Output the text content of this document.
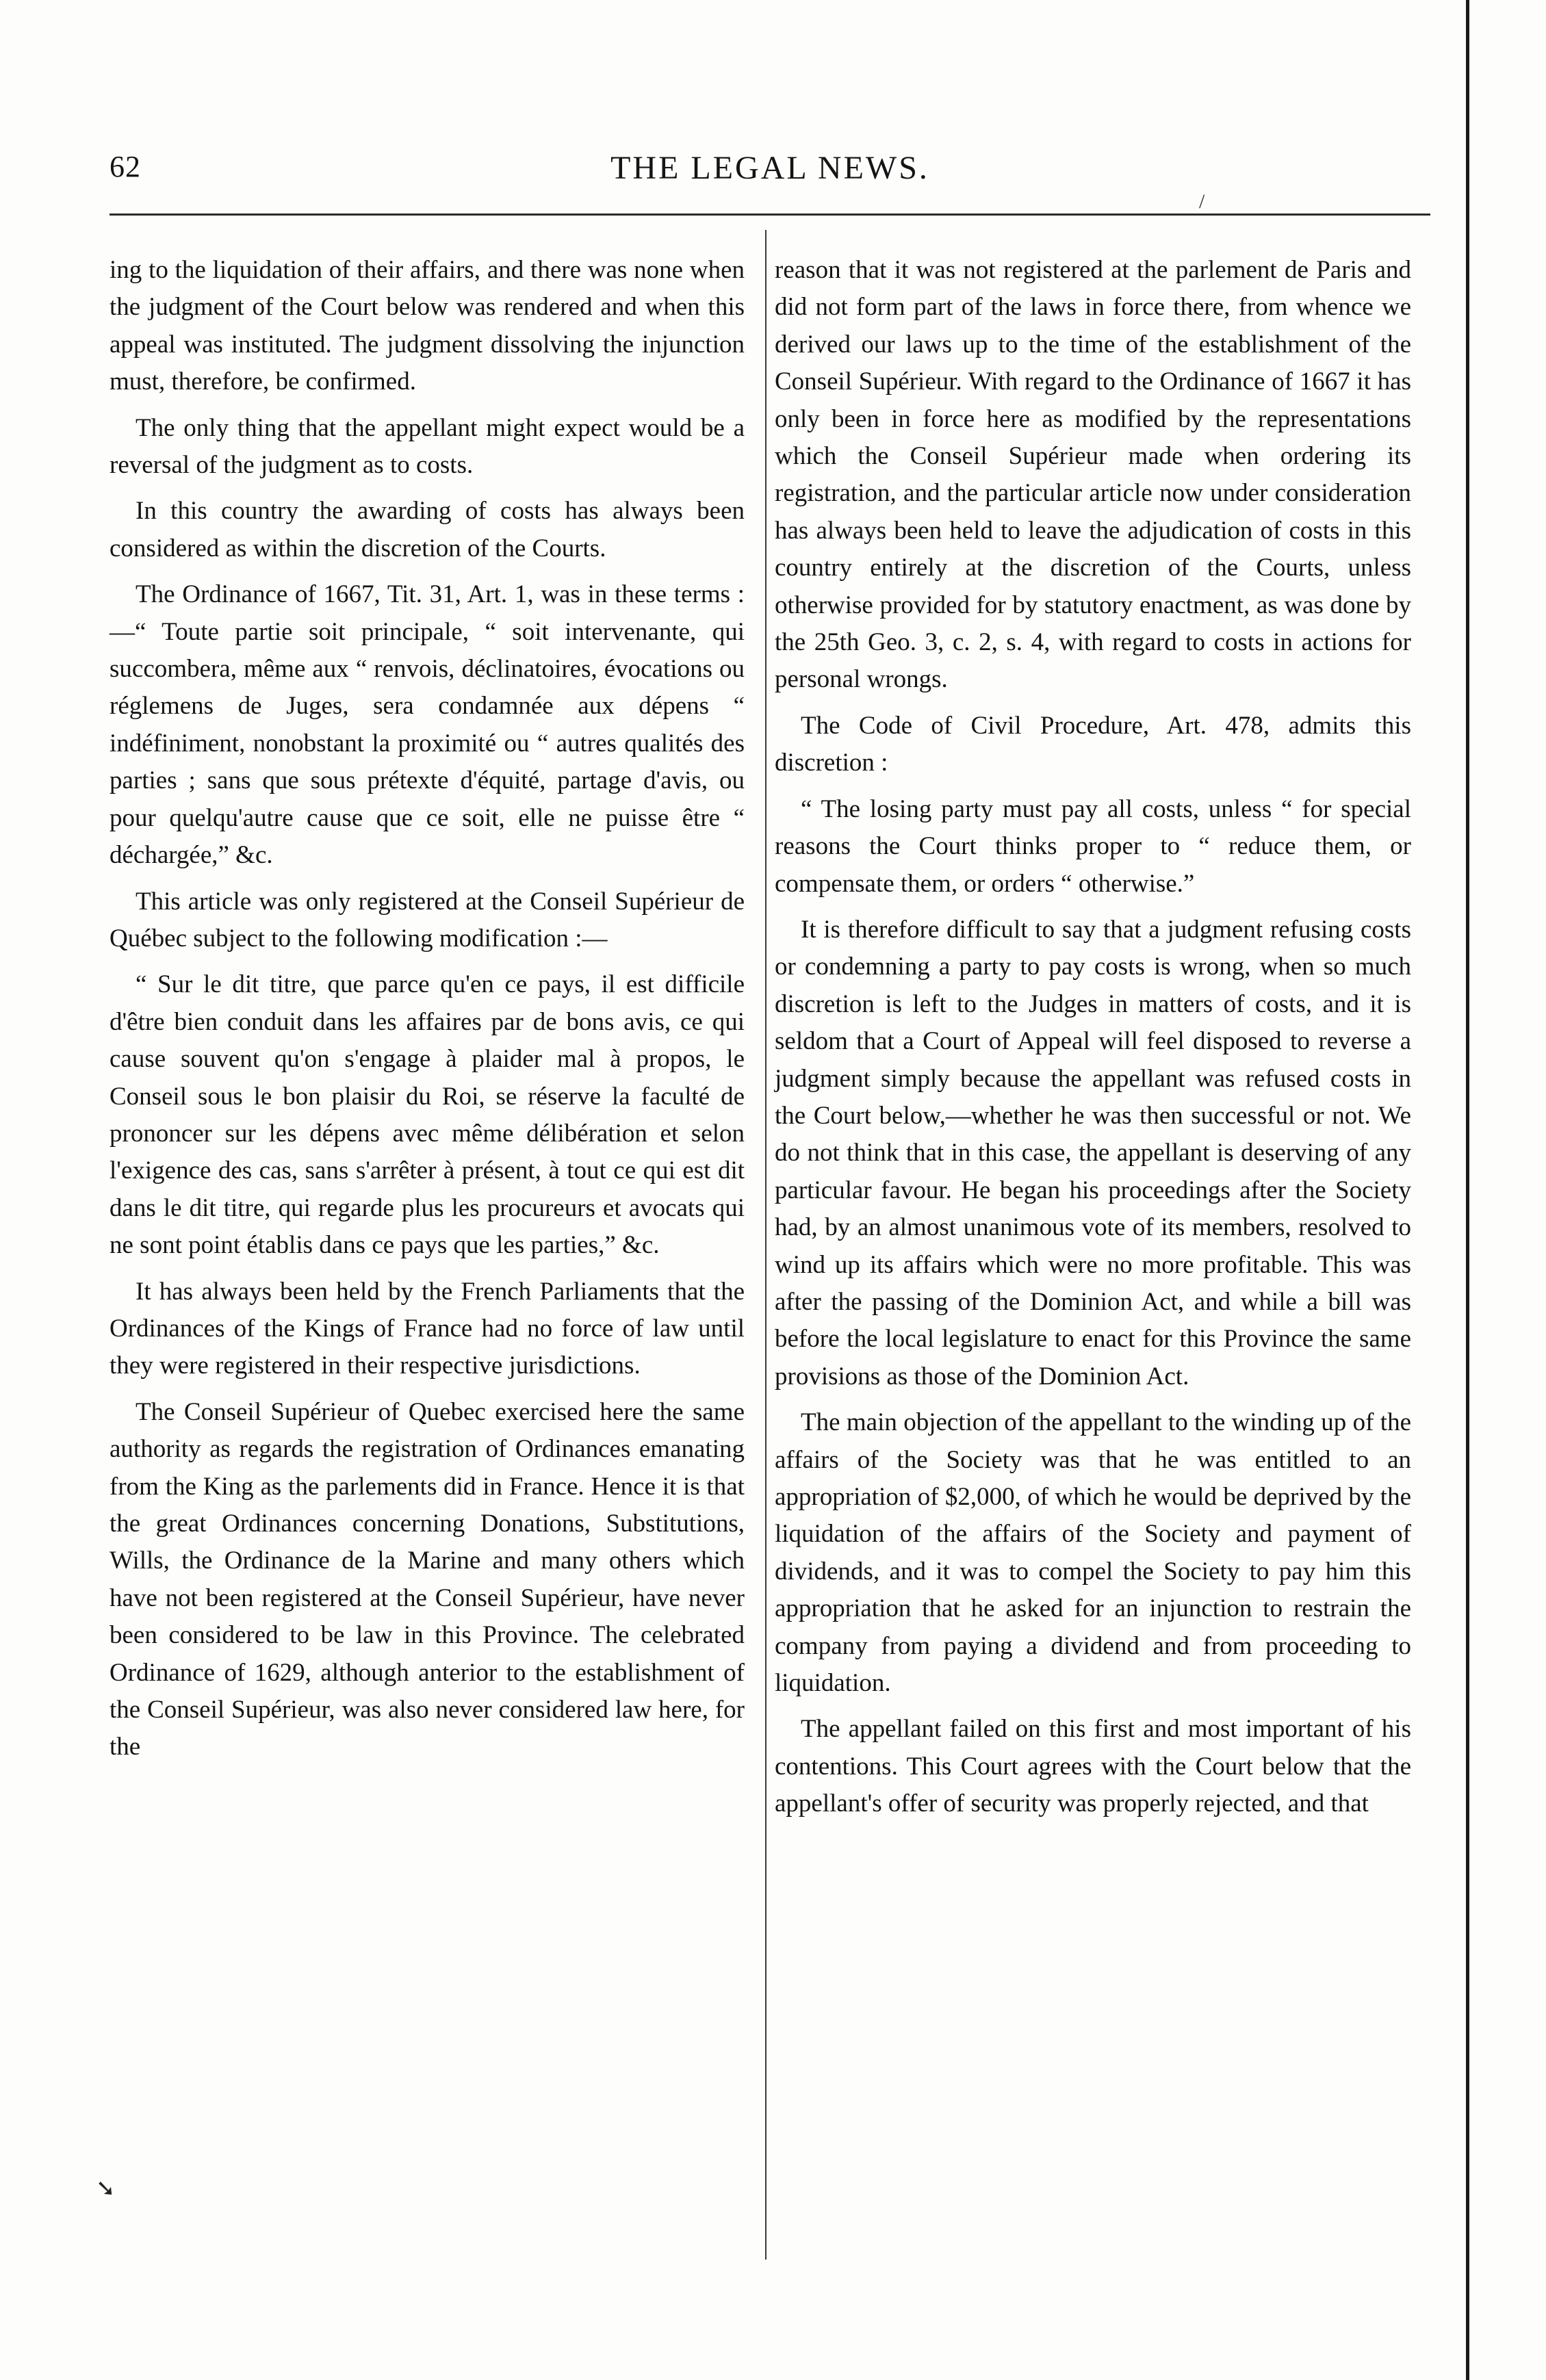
62	THE LEGAL NEWS.
/

ing to the liquidation of their affairs, and there was none when the judgment of the Court below was rendered and when this appeal was instituted. The judgment dissolving the injunction must, therefore, be confirmed.

The only thing that the appellant might expect would be a reversal of the judgment as to costs.

In this country the awarding of costs has always been considered as within the discretion of the Courts.

The Ordinance of 1667, Tit. 31, Art. 1, was in these terms :—“ Toute partie soit principale, “ soit intervenante, qui succombera, même aux “ renvois, déclinatoires, évocations ou réglemens de Juges, sera condamnée aux dépens “ indéfiniment, nonobstant la proximité ou “ autres qualités des parties ; sans que sous prétexte d'équité, partage d'avis, ou pour quelqu'autre cause que ce soit, elle ne puisse être “ déchargée,” &c.

This article was only registered at the Conseil Supérieur de Québec subject to the following modification :—

“ Sur le dit titre, que parce qu'en ce pays, il est difficile d'être bien conduit dans les affaires par de bons avis, ce qui cause souvent qu'on s'engage à plaider mal à propos, le Conseil sous le bon plaisir du Roi, se réserve la faculté de prononcer sur les dépens avec même délibération et selon l'exigence des cas, sans s'arrêter à présent, à tout ce qui est dit dans le dit titre, qui regarde plus les procureurs et avocats qui ne sont point établis dans ce pays que les parties,” &c.

It has always been held by the French Parliaments that the Ordinances of the Kings of France had no force of law until they were registered in their respective jurisdictions.

The Conseil Supérieur of Quebec exercised here the same authority as regards the registration of Ordinances emanating from the King as the parlements did in France. Hence it is that the great Ordinances concerning Donations, Substitutions, Wills, the Ordinance de la Marine and many others which have not been registered at the Conseil Supérieur, have never been considered to be law in this Province. The celebrated Ordinance of 1629, although anterior to the establishment of the Conseil Supérieur, was also never considered law here, for the

➘

reason that it was not registered at the parlement de Paris and did not form part of the laws in force there, from whence we derived our laws up to the time of the establishment of the Conseil Supérieur. With regard to the Ordinance of 1667 it has only been in force here as modified by the representations which the Conseil Supérieur made when ordering its registration, and the particular article now under consideration has always been held to leave the adjudication of costs in this country entirely at the discretion of the Courts, unless otherwise provided for by statutory enactment, as was done by the 25th Geo. 3, c. 2, s. 4, with regard to costs in actions for personal wrongs.

The Code of Civil Procedure, Art. 478, admits this discretion :

“ The losing party must pay all costs, unless “ for special reasons the Court thinks proper to “ reduce them, or compensate them, or orders “ otherwise.”

It is therefore difficult to say that a judgment refusing costs or condemning a party to pay costs is wrong, when so much discretion is left to the Judges in matters of costs, and it is seldom that a Court of Appeal will feel disposed to reverse a judgment simply because the appellant was refused costs in the Court below,—whether he was then successful or not. We do not think that in this case, the appellant is deserving of any particular favour. He began his proceedings after the Society had, by an almost unanimous vote of its members, resolved to wind up its affairs which were no more profitable. This was after the passing of the Dominion Act, and while a bill was before the local legislature to enact for this Province the same provisions as those of the Dominion Act.

The main objection of the appellant to the winding up of the affairs of the Society was that he was entitled to an appropriation of $2,000, of which he would be deprived by the liquidation of the affairs of the Society and payment of dividends, and it was to compel the Society to pay him this appropriation that he asked for an injunction to restrain the company from paying a dividend and from proceeding to liquidation.

The appellant failed on this first and most important of his contentions. This Court agrees with the Court below that the appellant's offer of security was properly rejected, and that
